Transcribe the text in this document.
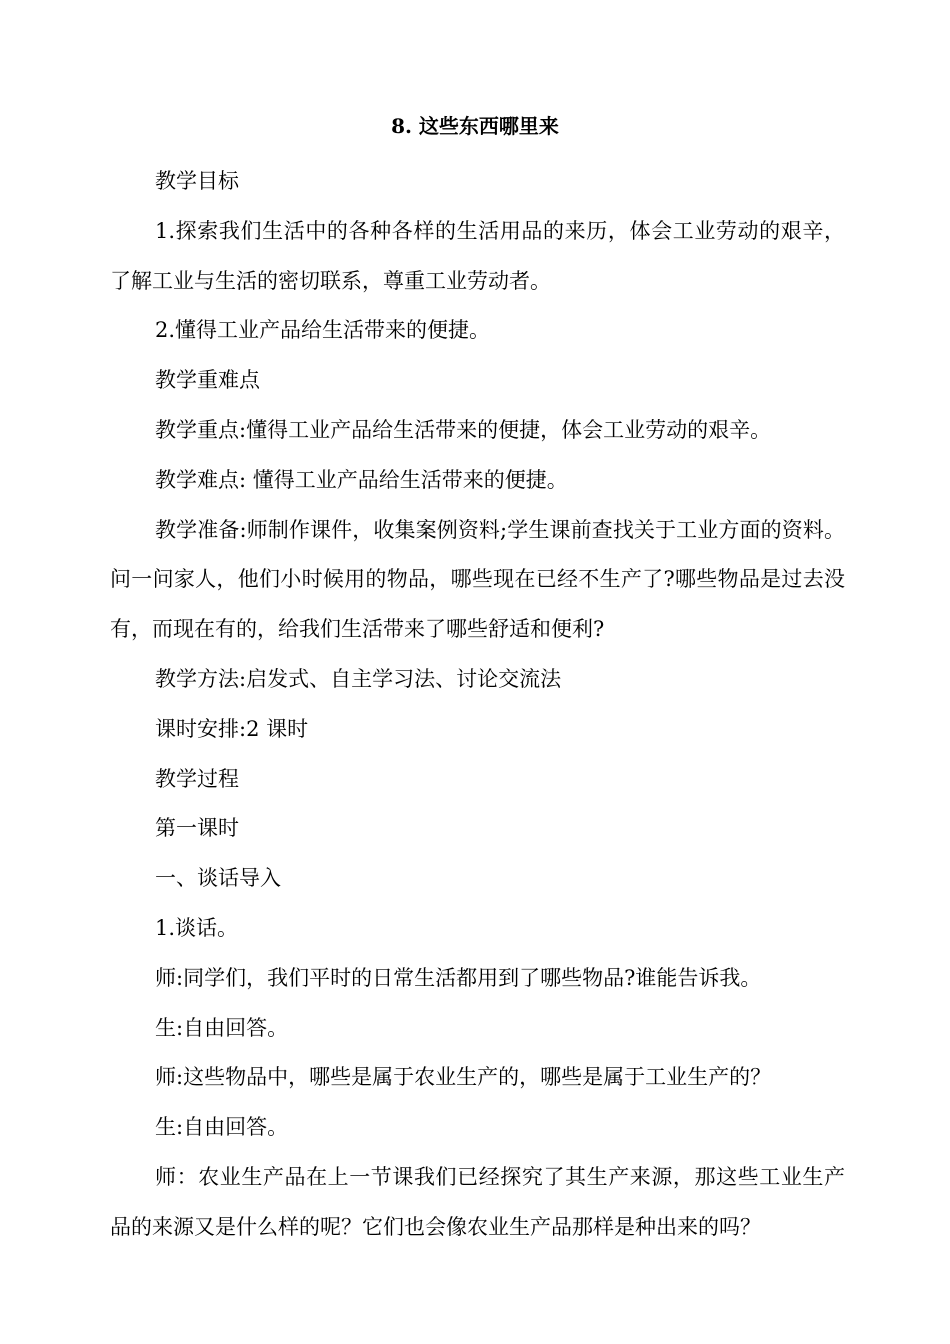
8. 这些东西哪里来

教学目标

1.探索我们生活中的各种各样的生活用品的来历，体会工业劳动的艰辛，了解工业与生活的密切联系，尊重工业劳动者。

2.懂得工业产品给生活带来的便捷。

教学重难点

教学重点:懂得工业产品给生活带来的便捷，体会工业劳动的艰辛。

教学难点: 懂得工业产品给生活带来的便捷。

教学准备:师制作课件，收集案例资料;学生课前查找关于工业方面的资料。问一问家人，他们小时候用的物品，哪些现在已经不生产了?哪些物品是过去没有，而现在有的，给我们生活带来了哪些舒适和便利?

教学方法:启发式、自主学习法、讨论交流法

课时安排:2 课时

教学过程

第一课时

一、谈话导入

1.谈话。

师:同学们，我们平时的日常生活都用到了哪些物品?谁能告诉我。

生:自由回答。

师:这些物品中，哪些是属于农业生产的，哪些是属于工业生产的？

生:自由回答。

师：农业生产品在上一节课我们已经探究了其生产来源，那这些工业生产品的来源又是什么样的呢？它们也会像农业生产品那样是种出来的吗？
